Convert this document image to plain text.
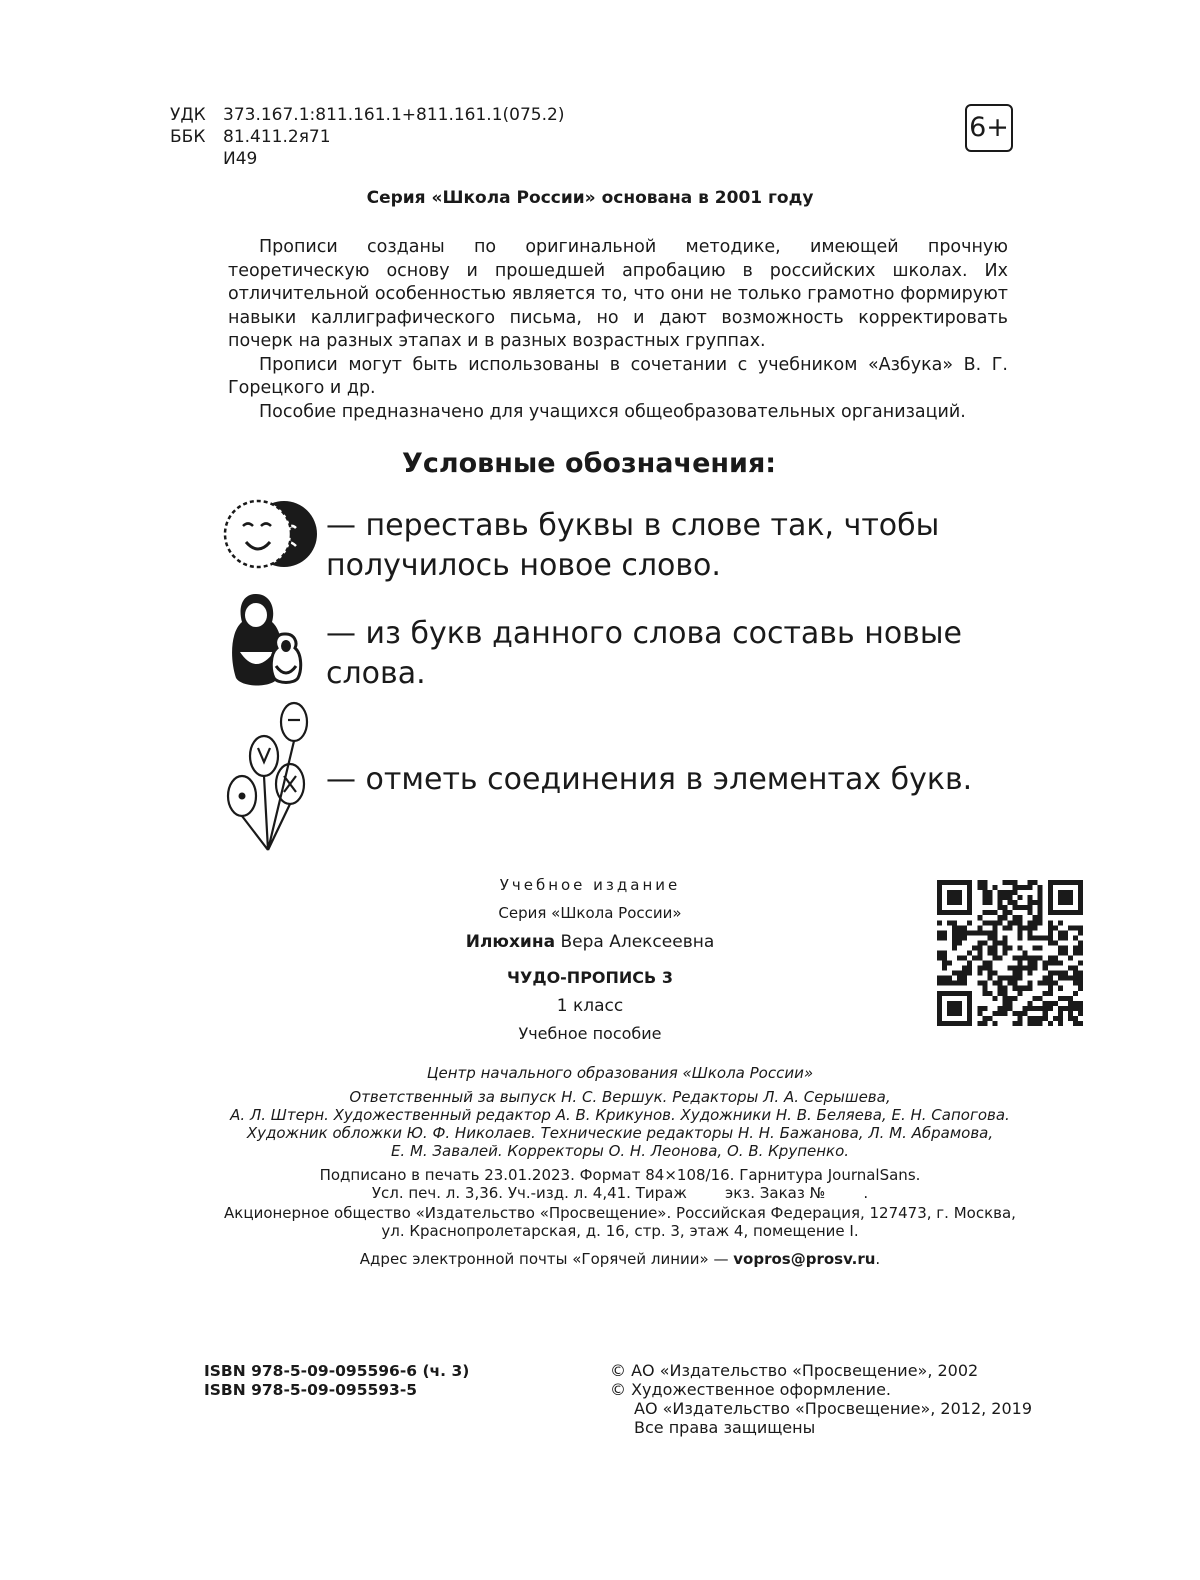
УДК 373.167.1:811.161.1+811.161.1(075.2)
ББК 81.411.2я71
И49
6+
Серия «Школа России» основана в 2001 году

Прописи созданы по оригинальной методике, имеющей прочную теоретическую основу и прошедшей апробацию в российских школах. Их отличительной особенностью является то, что они не только грамотно формируют навыки каллиграфического письма, но и дают возможность корректировать почерк на разных этапах и в разных возрастных группах.

Прописи могут быть использованы в сочетании с учебником «Азбука» В. Г. Горецкого и др.

Пособие предназначено для учащихся общеобразовательных организаций.

Условные обозначения:
— переставь буквы в слове так, чтобы
получилось новое слово.
— из букв данного слова составь новые
слова.
— отметь соединения в элементах букв.
Учебное издание
Серия «Школа России»
Илюхина Вера Алексеевна
ЧУДО-ПРОПИСЬ 3
1 класс
Учебное пособие
Центр начального образования «Школа России»
Ответственный за выпуск Н. С. Вершук. Редакторы Л. А. Серышева,
А. Л. Штерн. Художественный редактор А. В. Крикунов. Художники Н. В. Беляева, Е. Н. Сапогова.
Художник обложки Ю. Ф. Николаев. Технические редакторы Н. Н. Бажанова, Л. М. Абрамова,
Е. М. Завалей. Корректоры О. Н. Леонова, О. В. Крупенко.
Подписано в печать 23.01.2023. Формат 84×108/16. Гарнитура JournalSans.
Усл. печ. л. 3,36. Уч.-изд. л. 4,41. Тираж        экз. Заказ №        .
Акционерное общество «Издательство «Просвещение». Российская Федерация, 127473, г. Москва,
ул. Краснопролетарская, д. 16, стр. 3, этаж 4, помещение I.
Адрес электронной почты «Горячей линии» — vopros@prosv.ru.
ISBN 978-5-09-095596-6 (ч. 3)
ISBN 978-5-09-095593-5
© АО «Издательство «Просвещение», 2002
© Художественное оформление.
АО «Издательство «Просвещение», 2012, 2019
Все права защищены
